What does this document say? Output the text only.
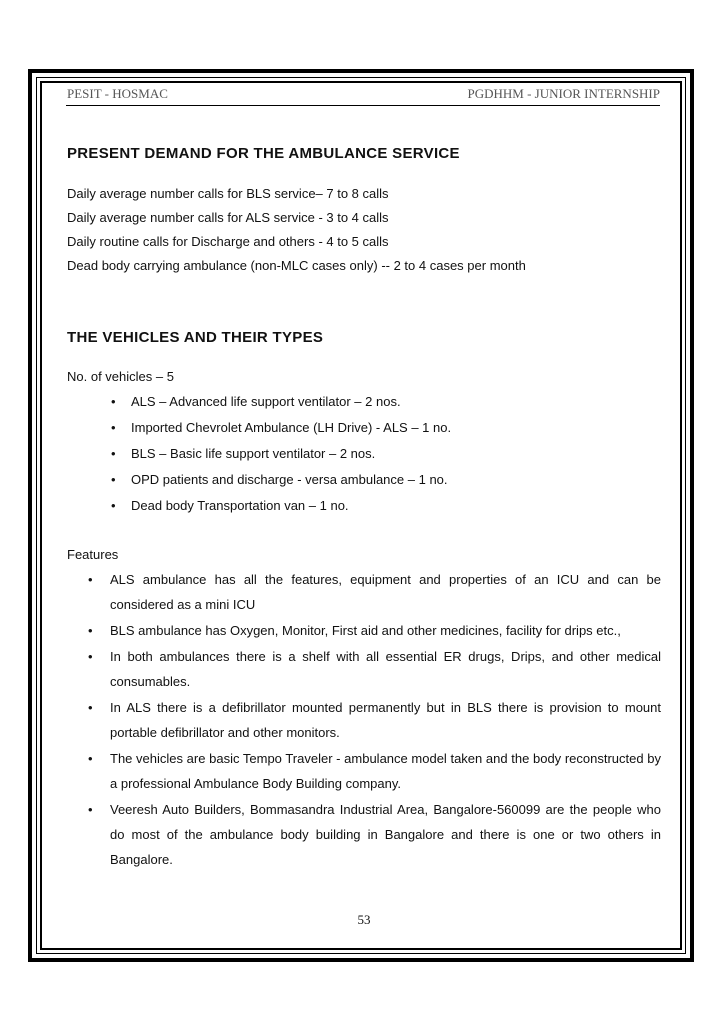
PESIT - HOSMAC	PGDHHM - JUNIOR INTERNSHIP
PRESENT DEMAND FOR THE AMBULANCE SERVICE
Daily average number calls for BLS service– 7 to 8 calls
Daily average number calls for ALS service - 3 to 4 calls
Daily routine calls for Discharge and others - 4 to 5 calls
Dead body carrying ambulance (non-MLC cases only) -- 2 to 4 cases per month
THE VEHICLES AND THEIR TYPES
No. of vehicles – 5
• ALS – Advanced life support ventilator – 2 nos.
• Imported Chevrolet Ambulance (LH Drive) - ALS – 1 no.
• BLS – Basic life support ventilator – 2 nos.
• OPD patients and discharge - versa ambulance – 1 no.
• Dead body Transportation van – 1 no.
Features
• ALS ambulance has all the features, equipment and properties of an ICU and can be considered as a mini ICU
• BLS ambulance has Oxygen, Monitor, First aid and other medicines, facility for drips etc.,
• In both ambulances there is a shelf with all essential ER drugs, Drips, and other medical consumables.
• In ALS there is a defibrillator mounted permanently but in BLS there is provision to mount portable defibrillator and other monitors.
• The vehicles are basic Tempo Traveler - ambulance model taken and the body reconstructed by a professional Ambulance Body Building company.
• Veeresh Auto Builders, Bommasandra Industrial Area, Bangalore-560099 are the people who do most of the ambulance body building in Bangalore and there is one or two others in Bangalore.
53
